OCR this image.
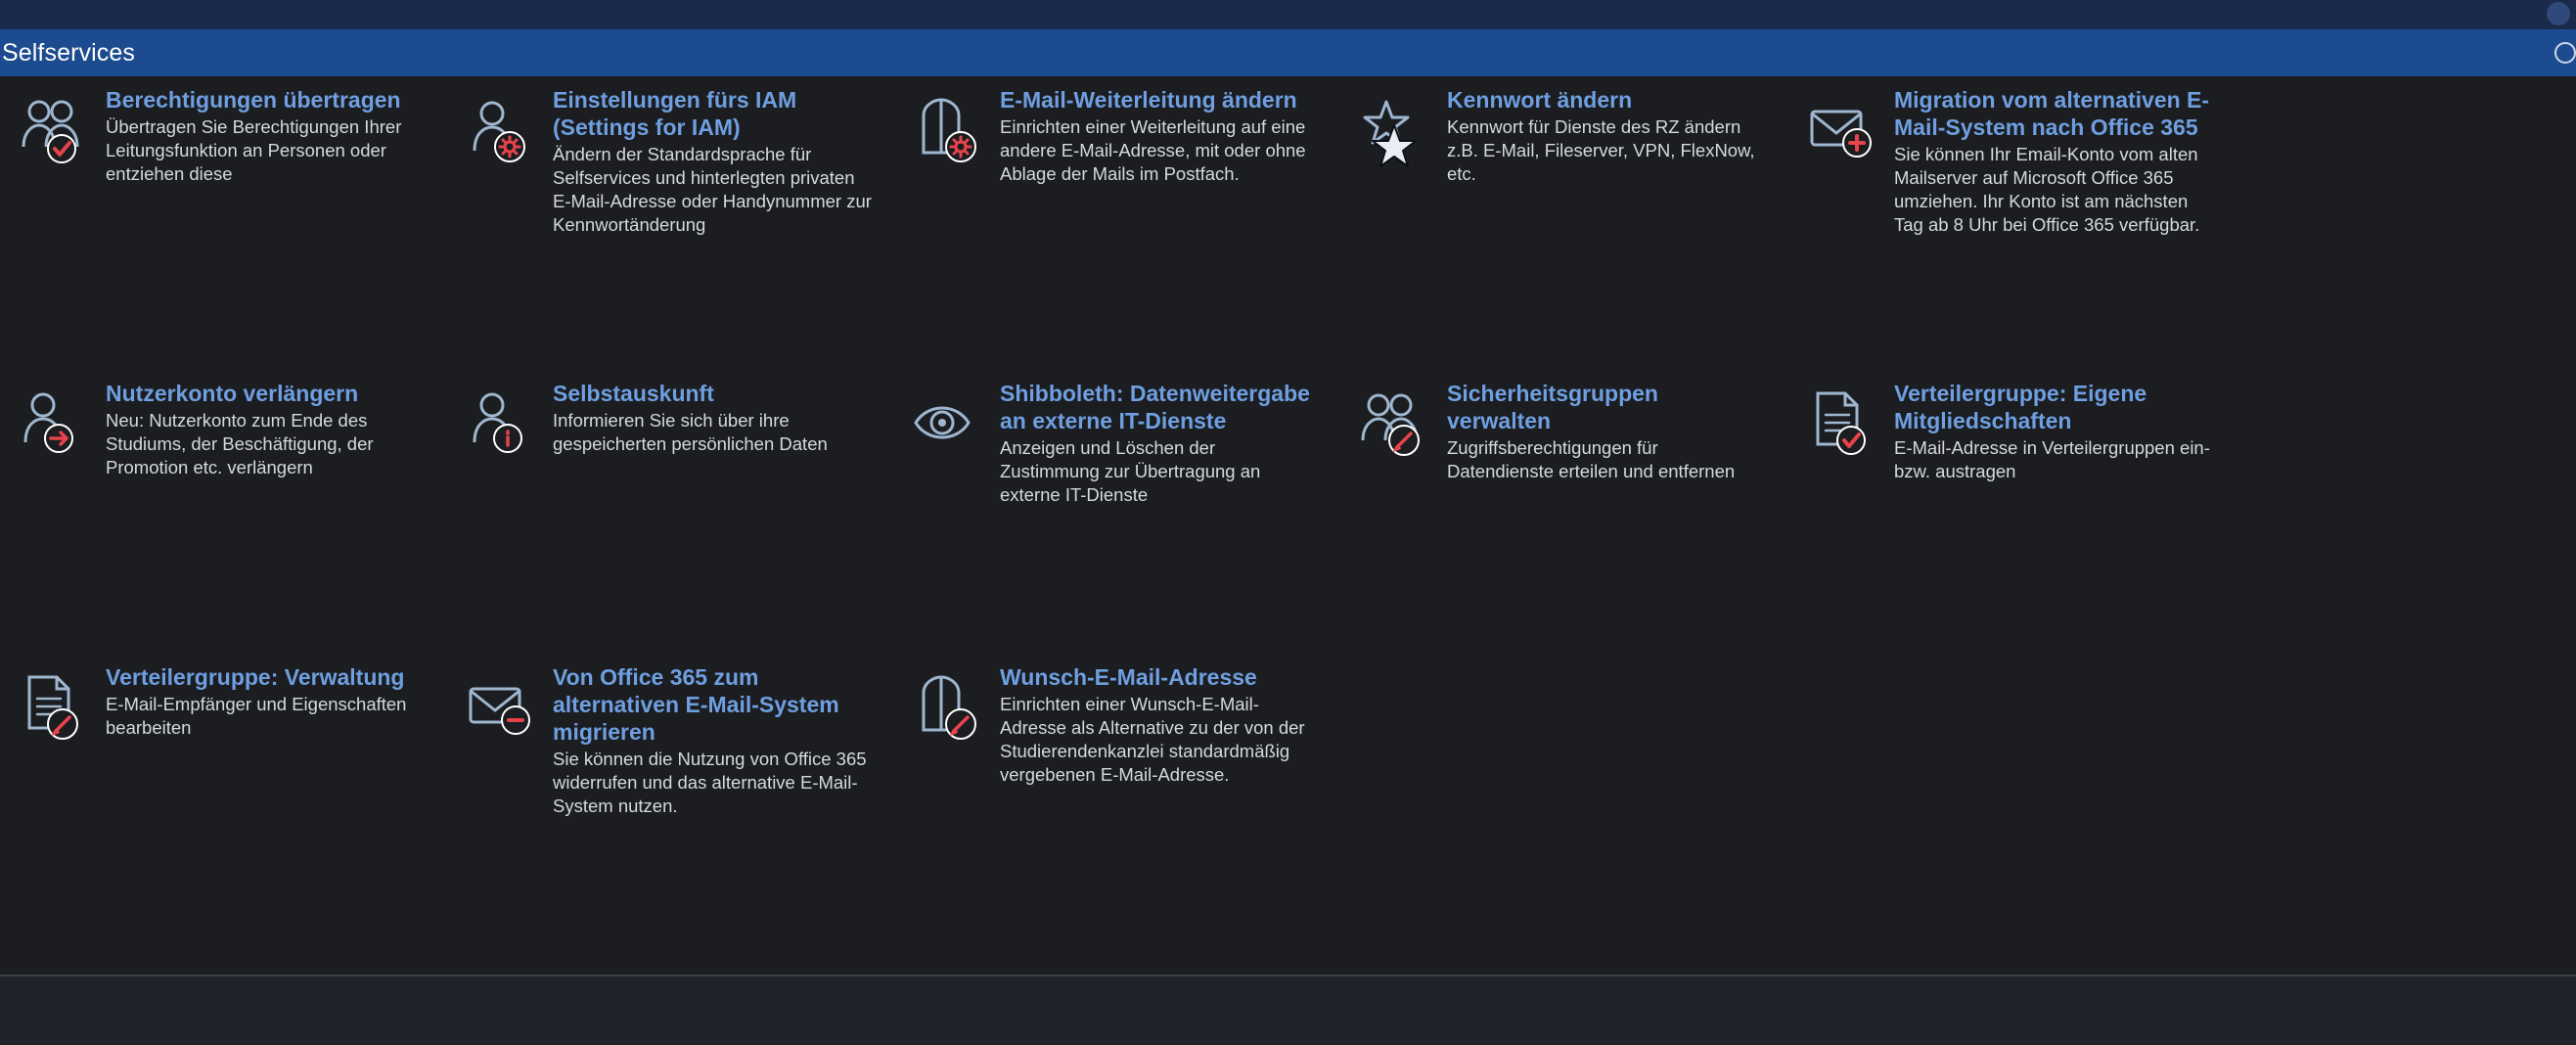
Selfservices
Berechtigungen übertragen

Übertragen Sie Berechtigungen Ihrer Leitungsfunktion an Personen oder entziehen diese

Einstellungen fürs IAM (Settings for IAM)

Ändern der Standardsprache für Selfservices und hinterlegten privaten E-Mail-Adresse oder Handynummer zur Kennwortänderung

E-Mail-Weiterleitung ändern

Einrichten einer Weiterleitung auf eine andere E-Mail-Adresse, mit oder ohne Ablage der Mails im Postfach.

Kennwort ändern

Kennwort für Dienste des RZ ändern z.B. E-Mail, Fileserver, VPN, FlexNow, etc.

Migration vom alternativen E-Mail-System nach Office 365

Sie können Ihr Email-Konto vom alten Mailserver auf Microsoft Office 365 umziehen. Ihr Konto ist am nächsten Tag ab 8 Uhr bei Office 365 verfügbar.

Nutzerkonto verlängern

Neu: Nutzerkonto zum Ende des Studiums, der Beschäftigung, der Promotion etc. verlängern

Selbstauskunft

Informieren Sie sich über ihre gespeicherten persönlichen Daten

Shibboleth: Datenweitergabe an externe IT-Dienste

Anzeigen und Löschen der Zustimmung zur Übertragung an externe IT-Dienste

Sicherheitsgruppen verwalten

Zugriffsberechtigungen für Datendienste erteilen und entfernen

Verteilergruppe: Eigene Mitgliedschaften

E-Mail-Adresse in Verteilergruppen ein- bzw. austragen

Verteilergruppe: Verwaltung

E-Mail-Empfänger und Eigenschaften bearbeiten

Von Office 365 zum alternativen E-Mail-System migrieren

Sie können die Nutzung von Office 365 widerrufen und das alternative E-Mail-System nutzen.

Wunsch-E-Mail-Adresse

Einrichten einer Wunsch-E-Mail-Adresse als Alternative zu der von der Studierendenkanzlei standardmäßig vergebenen E-Mail-Adresse.
